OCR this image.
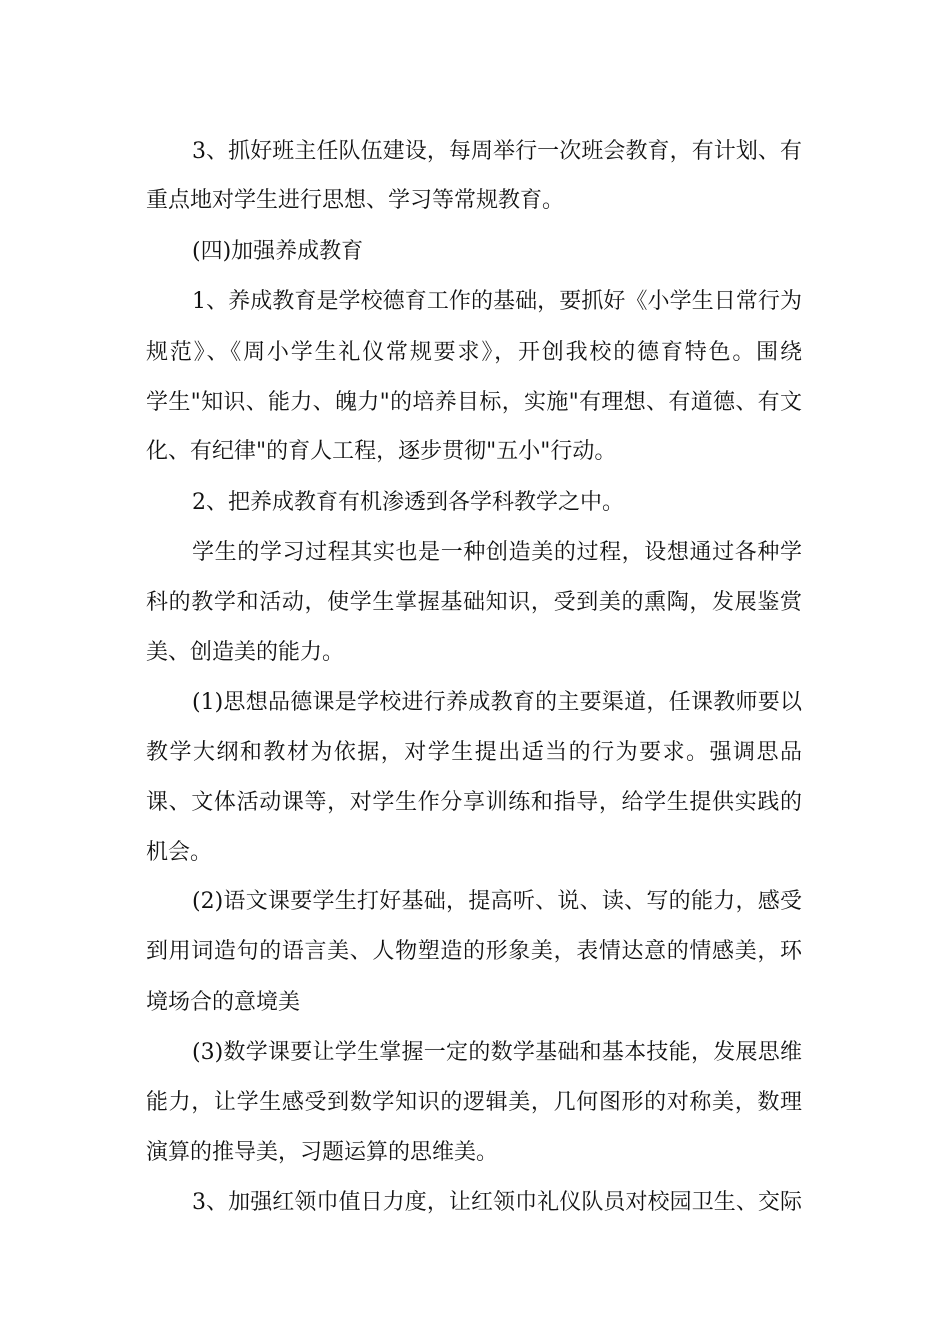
3、抓好班主任队伍建设，每周举行一次班会教育，有计划、有
重点地对学生进行思想、学习等常规教育。
(四)加强养成教育
1、养成教育是学校德育工作的基础，要抓好《小学生日常行为
规范》、《周小学生礼仪常规要求》，开创我校的德育特色。围绕
学生"知识、能力、魄力"的培养目标，实施"有理想、有道德、有文
化、有纪律"的育人工程，逐步贯彻"五小"行动。
2、把养成教育有机渗透到各学科教学之中。
学生的学习过程其实也是一种创造美的过程，设想通过各种学
科的教学和活动，使学生掌握基础知识，受到美的熏陶，发展鉴赏
美、创造美的能力。
(1)思想品德课是学校进行养成教育的主要渠道，任课教师要以
教学大纲和教材为依据，对学生提出适当的行为要求。强调思品
课、文体活动课等，对学生作分享训练和指导，给学生提供实践的
机会。
(2)语文课要学生打好基础，提高听、说、读、写的能力，感受
到用词造句的语言美、人物塑造的形象美，表情达意的情感美，环
境场合的意境美
(3)数学课要让学生掌握一定的数学基础和基本技能，发展思维
能力，让学生感受到数学知识的逻辑美，几何图形的对称美，数理
演算的推导美，习题运算的思维美。
3、加强红领巾值日力度，让红领巾礼仪队员对校园卫生、交际
